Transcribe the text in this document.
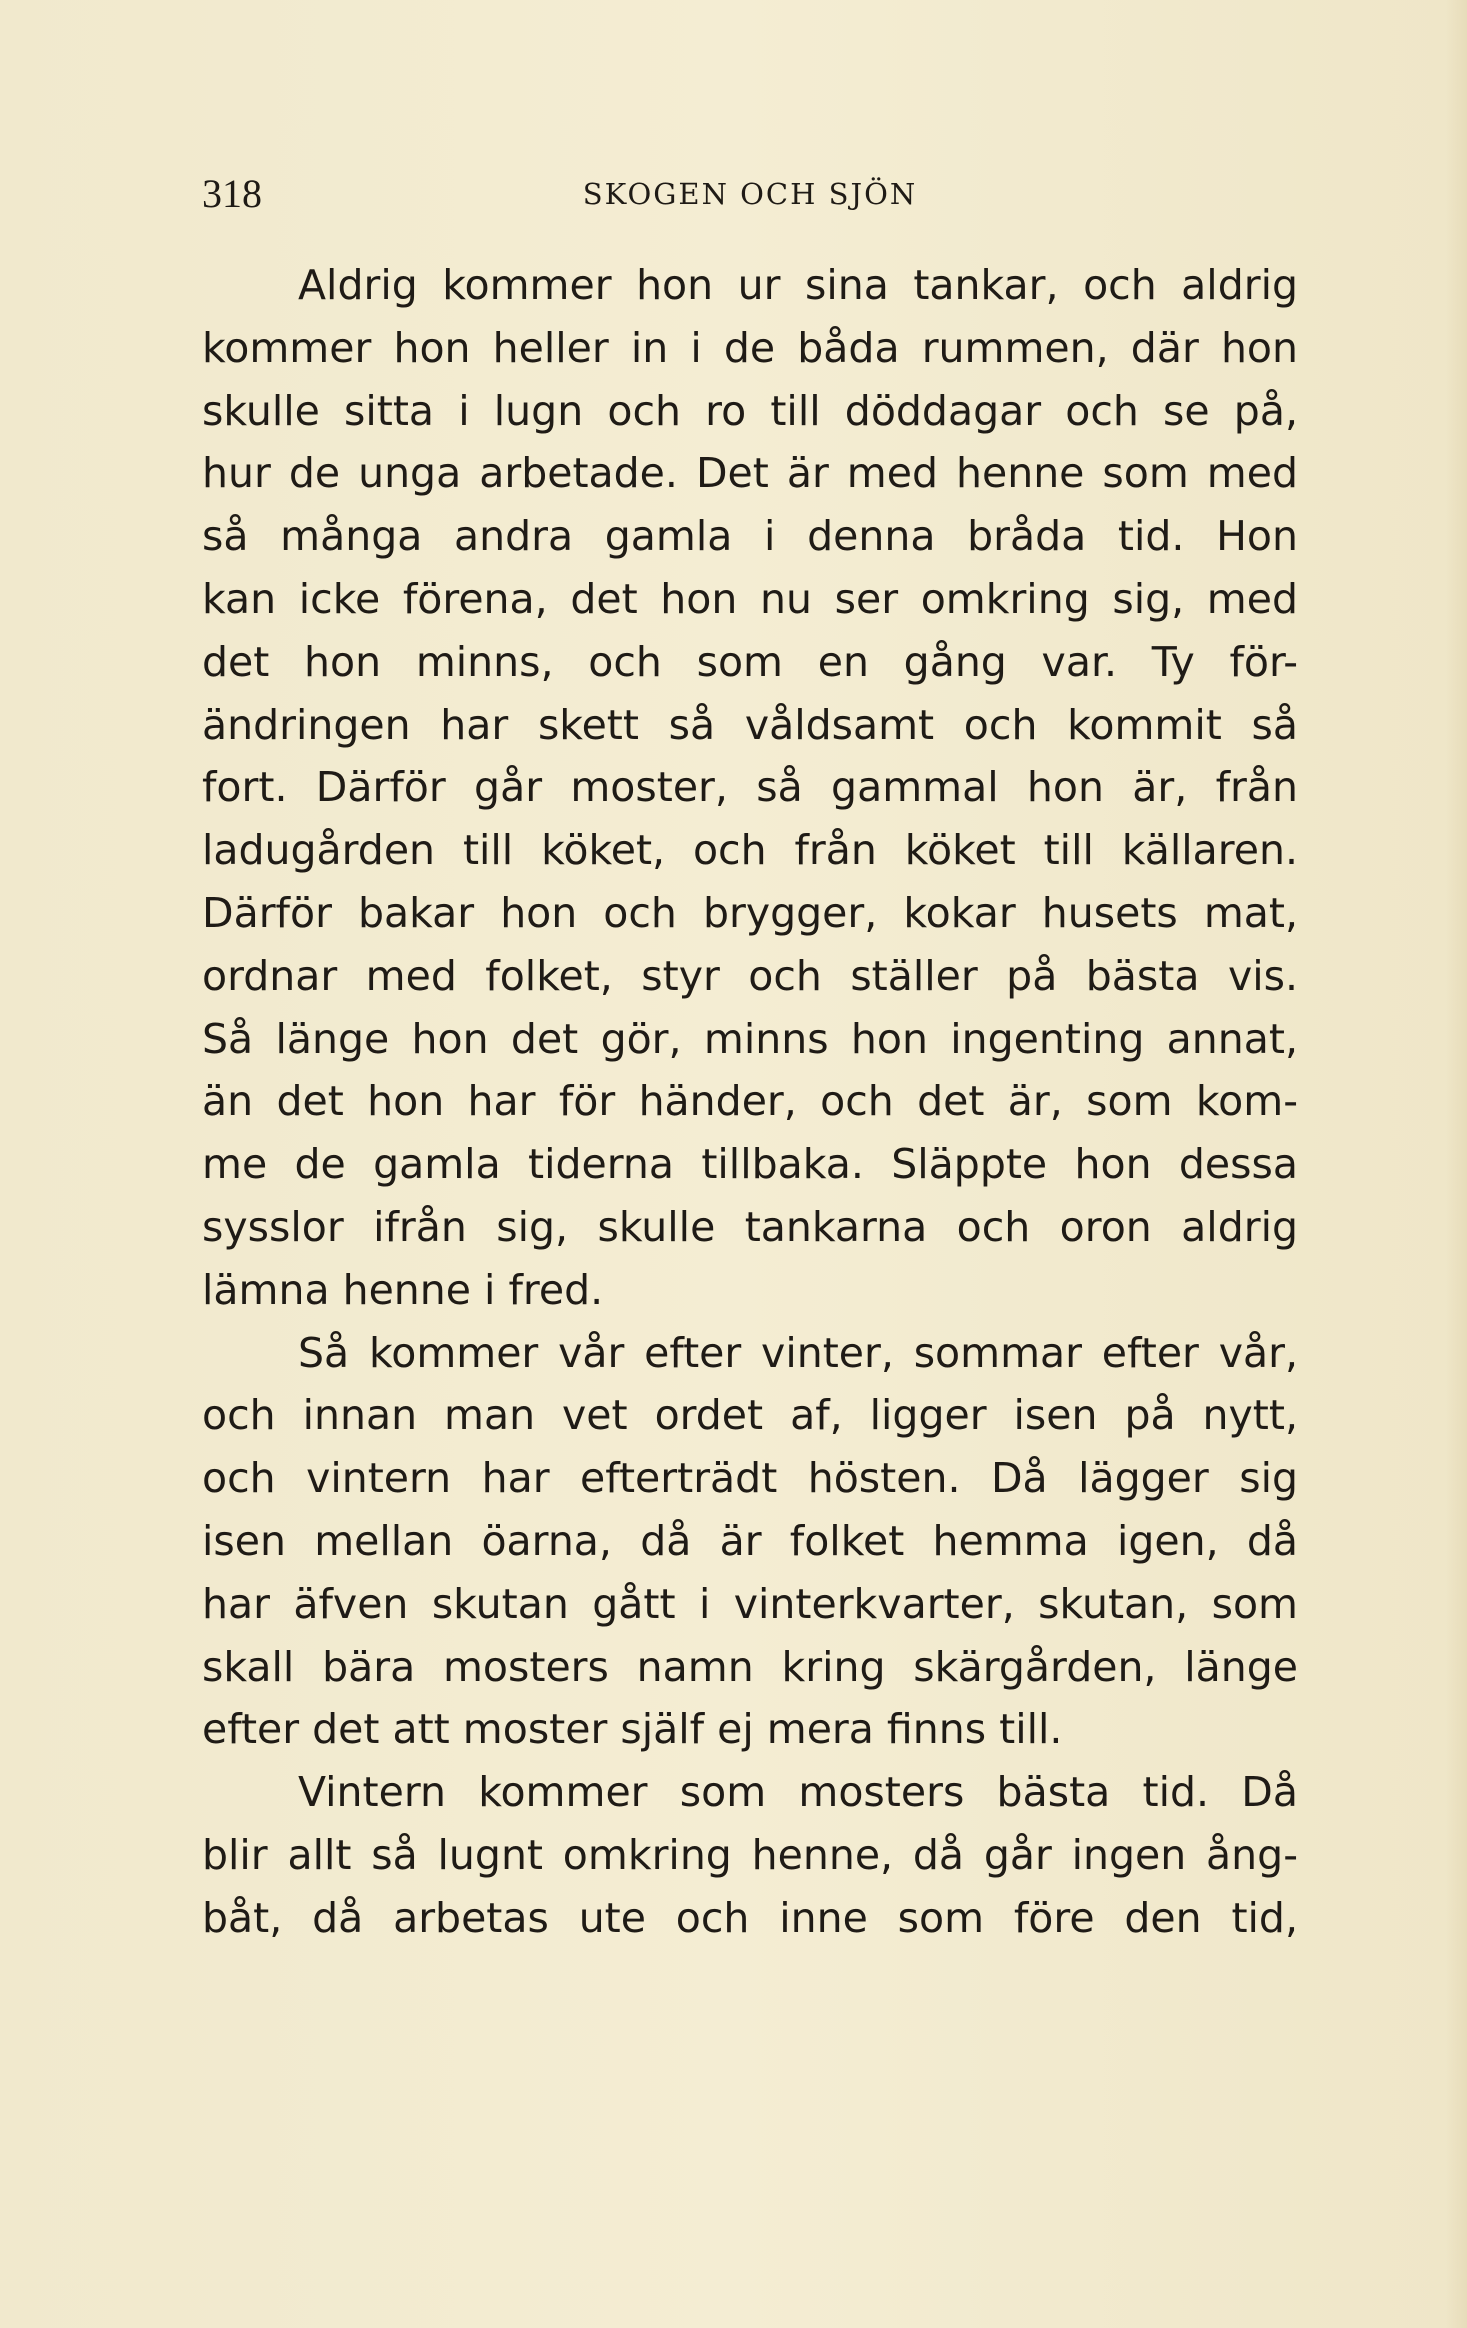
318	SKOGEN OCH SJÖN
Aldrig kommer hon ur sina tankar, och aldrig
kommer hon heller in i de båda rummen, där hon
skulle sitta i lugn och ro till döddagar och se på,
hur de unga arbetade. Det är med henne som med
så många andra gamla i denna bråda tid. Hon
kan icke förena, det hon nu ser omkring sig, med
det hon minns, och som en gång var. Ty för-
ändringen har skett så våldsamt och kommit så
fort. Därför går moster, så gammal hon är, från
ladugården till köket, och från köket till källaren.
Därför bakar hon och brygger, kokar husets mat,
ordnar med folket, styr och ställer på bästa vis.
Så länge hon det gör, minns hon ingenting annat,
än det hon har för händer, och det är, som kom-
me de gamla tiderna tillbaka. Släppte hon dessa
sysslor ifrån sig, skulle tankarna och oron aldrig
lämna henne i fred.
Så kommer vår efter vinter, sommar efter vår,
och innan man vet ordet af, ligger isen på nytt,
och vintern har efterträdt hösten. Då lägger sig
isen mellan öarna, då är folket hemma igen, då
har äfven skutan gått i vinterkvarter, skutan, som
skall bära mosters namn kring skärgården, länge
efter det att moster själf ej mera finns till.
Vintern kommer som mosters bästa tid. Då
blir allt så lugnt omkring henne, då går ingen ång-
båt, då arbetas ute och inne som före den tid,
